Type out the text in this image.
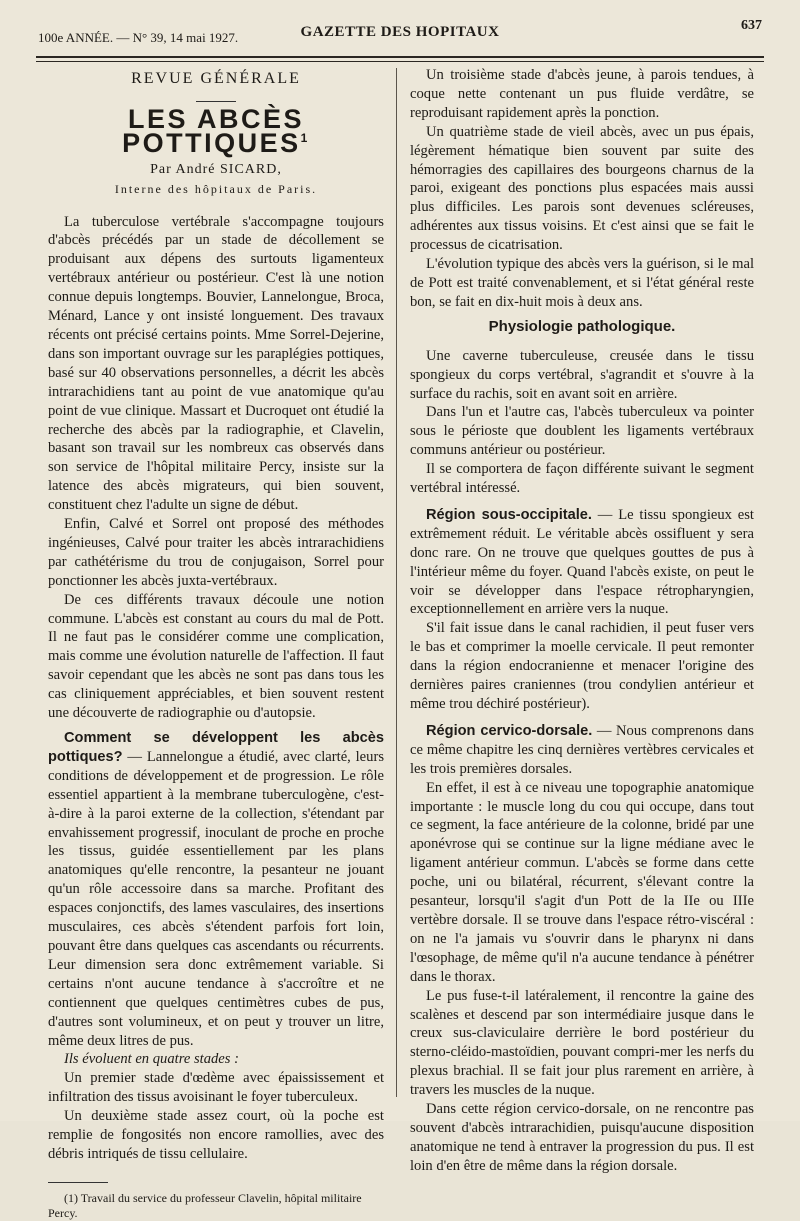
100e ANNÉE. — N° 39, 14 mai 1927.	GAZETTE DES HOPITAUX	637
REVUE GÉNÉRALE
LES ABCÈS POTTIQUES$^1$
Par André SICARD,
Interne des hôpitaux de Paris.

La tuberculose vertébrale s'accompagne toujours d'abcès précédés par un stade de décollement se produisant aux dépens des surtouts ligamenteux vertébraux antérieur ou postérieur. C'est là une notion connue depuis longtemps. Bouvier, Lannelongue, Broca, Ménard, Lance y ont insisté longuement. Des travaux récents ont précisé certains points. Mme Sorrel-Dejerine, dans son important ouvrage sur les paraplégies pottiques, basé sur 40 observations personnelles, a décrit les abcès intrarachidiens tant au point de vue anatomique qu'au point de vue clinique. Massart et Ducroquet ont étudié la recherche des abcès par la radiographie, et Clavelin, basant son travail sur les nombreux cas observés dans son service de l'hôpital militaire Percy, insiste sur la latence des abcès migrateurs, qui bien souvent, constituent chez l'adulte un signe de début.

Enfin, Calvé et Sorrel ont proposé des méthodes ingénieuses, Calvé pour traiter les abcès intrarachidiens par cathétérisme du trou de conjugaison, Sorrel pour ponctionner les abcès juxta-vertébraux.

De ces différents travaux découle une notion commune. L'abcès est constant au cours du mal de Pott. Il ne faut pas le considérer comme une complication, mais comme une évolution naturelle de l'affection. Il faut savoir cependant que les abcès ne sont pas dans tous les cas cliniquement appréciables, et bien souvent restent une découverte de radiographie ou d'autopsie.

Comment se développent les abcès pottiques? — Lannelongue a étudié, avec clarté, leurs conditions de développement et de progression. Le rôle essentiel appartient à la membrane tuberculogène, c'est-à-dire à la paroi externe de la collection, s'étendant par envahissement progressif, inoculant de proche en proche les tissus, guidée essentiellement par les plans anatomiques qu'elle rencontre, la pesanteur ne jouant qu'un rôle accessoire dans sa marche. Profitant des espaces conjonctifs, des lames vasculaires, des insertions musculaires, ces abcès s'étendent parfois fort loin, pouvant être dans quelques cas ascendants ou récurrents. Leur dimension sera donc extrêmement variable. Si certains n'ont aucune tendance à s'accroître et ne contiennent que quelques centimètres cubes de pus, d'autres sont volumineux, et on peut y trouver un litre, même deux litres de pus.

Ils évoluent en quatre stades :

Un premier stade d'œdème avec épaississement et infiltration des tissus avoisinant le foyer tuberculeux.

Un deuxième stade assez court, où la poche est remplie de fongosités non encore ramollies, avec des débris intriqués de tissu cellulaire.

(1) Travail du service du professeur Clavelin, hôpital militaire Percy.

Un troisième stade d'abcès jeune, à parois tendues, à coque nette contenant un pus fluide verdâtre, se reproduisant rapidement après la ponction.

Un quatrième stade de vieil abcès, avec un pus épais, légèrement hématique bien souvent par suite des hémorragies des capillaires des bourgeons charnus de la paroi, exigeant des ponctions plus espacées mais aussi plus difficiles. Les parois sont devenues scléreuses, adhérentes aux tissus voisins. Et c'est ainsi que se fait le processus de cicatrisation.

L'évolution typique des abcès vers la guérison, si le mal de Pott est traité convenablement, et si l'état général reste bon, se fait en dix-huit mois à deux ans.

Physiologie pathologique.

Une caverne tuberculeuse, creusée dans le tissu spongieux du corps vertébral, s'agrandit et s'ouvre à la surface du rachis, soit en avant soit en arrière.

Dans l'un et l'autre cas, l'abcès tuberculeux va pointer sous le périoste que doublent les ligaments vertébraux communs antérieur ou postérieur.

Il se comportera de façon différente suivant le segment vertébral intéressé.

Région sous-occipitale. — Le tissu spongieux est extrêmement réduit. Le véritable abcès ossifluent y sera donc rare. On ne trouve que quelques gouttes de pus à l'intérieur même du foyer. Quand l'abcès existe, on peut le voir se développer dans l'espace rétropharyngien, exceptionnellement en arrière vers la nuque.

S'il fait issue dans le canal rachidien, il peut fuser vers le bas et comprimer la moelle cervicale. Il peut remonter dans la région endocranienne et menacer l'origine des dernières paires craniennes (trou condylien antérieur et même trou déchiré postérieur).

Région cervico-dorsale. — Nous comprenons dans ce même chapitre les cinq dernières vertèbres cervicales et les trois premières dorsales.

En effet, il est à ce niveau une topographie anatomique importante : le muscle long du cou qui occupe, dans tout ce segment, la face antérieure de la colonne, bridé par une aponévrose qui se continue sur la ligne médiane avec le ligament antérieur commun. L'abcès se forme dans cette poche, uni ou bilatéral, récurrent, s'élevant contre la pesanteur, lorsqu'il s'agit d'un Pott de la IIe ou IIIe vertèbre dorsale. Il se trouve dans l'espace rétro-viscéral : on ne l'a jamais vu s'ouvrir dans le pharynx ni dans l'œsophage, de même qu'il n'a aucune tendance à pénétrer dans le thorax.

Le pus fuse-t-il latéralement, il rencontre la gaine des scalènes et descend par son intermédiaire jusque dans le creux sus-claviculaire derrière le bord postérieur du sterno-cléido-mastoïdien, pouvant compri-mer les nerfs du plexus brachial. Il se fait jour plus rarement en arrière, à travers les muscles de la nuque.

Dans cette région cervico-dorsale, on ne rencontre pas souvent d'abcès intrarachidien, puisqu'aucune disposition anatomique ne tend à entraver la progression du pus. Il est loin d'en être de même dans la région dorsale.
